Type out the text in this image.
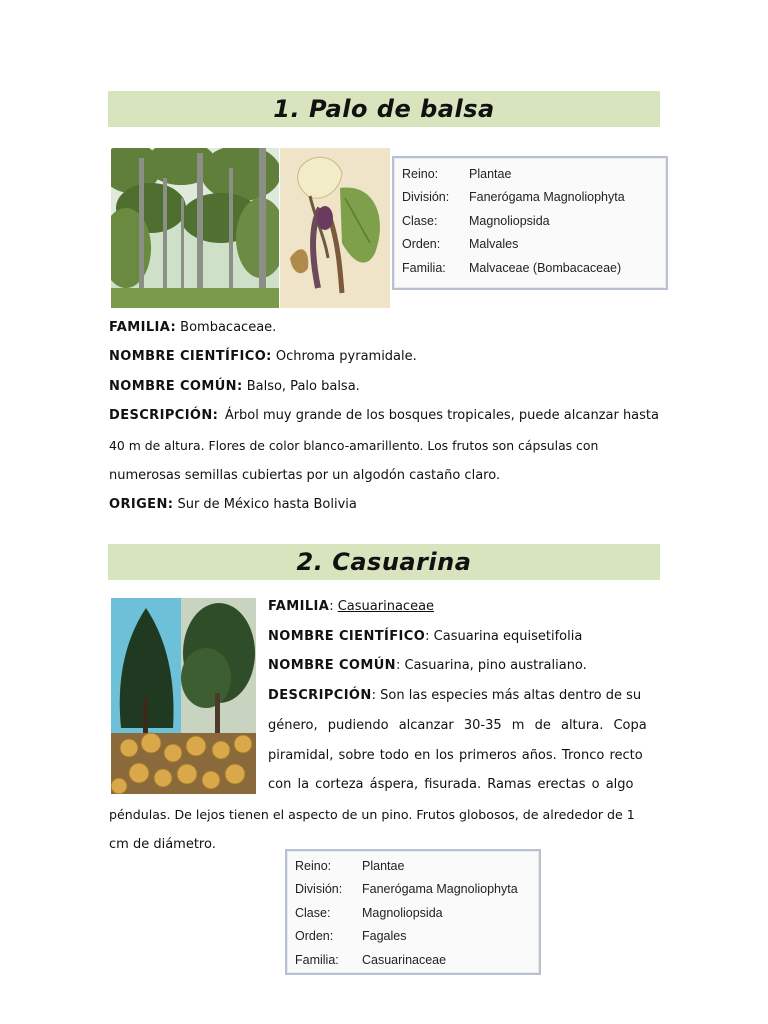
1. Palo de balsa
Reino:	Plantae
División:	Fanerógama Magnoliophyta
Clase:	Magnoliopsida
Orden:	Malvales
Familia:	Malvaceae (Bombacaceae)
FAMILIA: Bombacaceae.
NOMBRE CIENTÍFICO: Ochroma pyramidale.
NOMBRE COMÚN: Balso, Palo balsa.
DESCRIPCIÓN: Árbol muy grande de los bosques tropicales, puede alcanzar hasta
40 m de altura. Flores de color blanco-amarillento. Los frutos son cápsulas con
numerosas semillas cubiertas por un algodón castaño claro.
ORIGEN: Sur de México hasta Bolivia
2. Casuarina
FAMILIA: Casuarinaceae
NOMBRE CIENTÍFICO: Casuarina equisetifolia
NOMBRE COMÚN: Casuarina, pino australiano.
DESCRIPCIÓN: Son las especies más altas dentro de su
género, pudiendo alcanzar 30-35 m de altura. Copa
piramidal, sobre todo en los primeros años. Tronco recto
con la corteza áspera, fisurada. Ramas erectas o algo
péndulas. De lejos tienen el aspecto de un pino. Frutos globosos, de alrededor de 1
cm de diámetro.
Reino:	Plantae
División:	Fanerógama Magnoliophyta
Clase:	Magnoliopsida
Orden:	Fagales
Familia:	Casuarinaceae
